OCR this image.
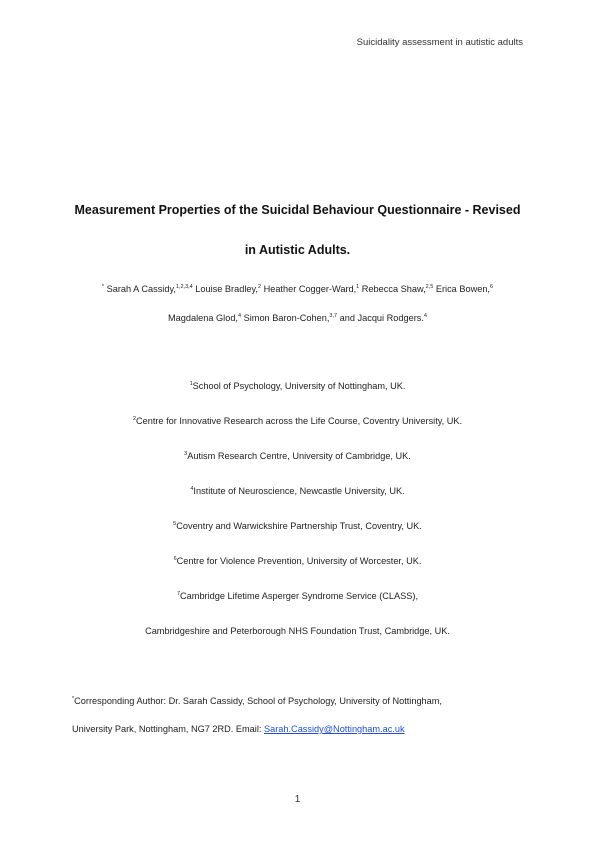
Suicidality assessment in autistic adults
Measurement Properties of the Suicidal Behaviour Questionnaire - Revised
in Autistic Adults.
* Sarah A Cassidy,$^{1,2,3,4}$ Louise Bradley,$^2$ Heather Cogger-Ward,$^1$ Rebecca Shaw,$^{2,5}$ Erica Bowen,$^6$
Magdalena Glod,$^4$ Simon Baron-Cohen,$^{3,7}$ and Jacqui Rodgers.$^4$
$^1$School of Psychology, University of Nottingham, UK.
$^2$Centre for Innovative Research across the Life Course, Coventry University, UK.
$^3$Autism Research Centre, University of Cambridge, UK.
$^4$Institute of Neuroscience, Newcastle University, UK.
$^5$Coventry and Warwickshire Partnership Trust, Coventry, UK.
$^6$Centre for Violence Prevention, University of Worcester, UK.
$^7$Cambridge Lifetime Asperger Syndrome Service (CLASS),
Cambridgeshire and Peterborough NHS Foundation Trust, Cambridge, UK.
*Corresponding Author: Dr. Sarah Cassidy, School of Psychology, University of Nottingham,
University Park, Nottingham, NG7 2RD. Email: Sarah.Cassidy@Nottingham.ac.uk
1
